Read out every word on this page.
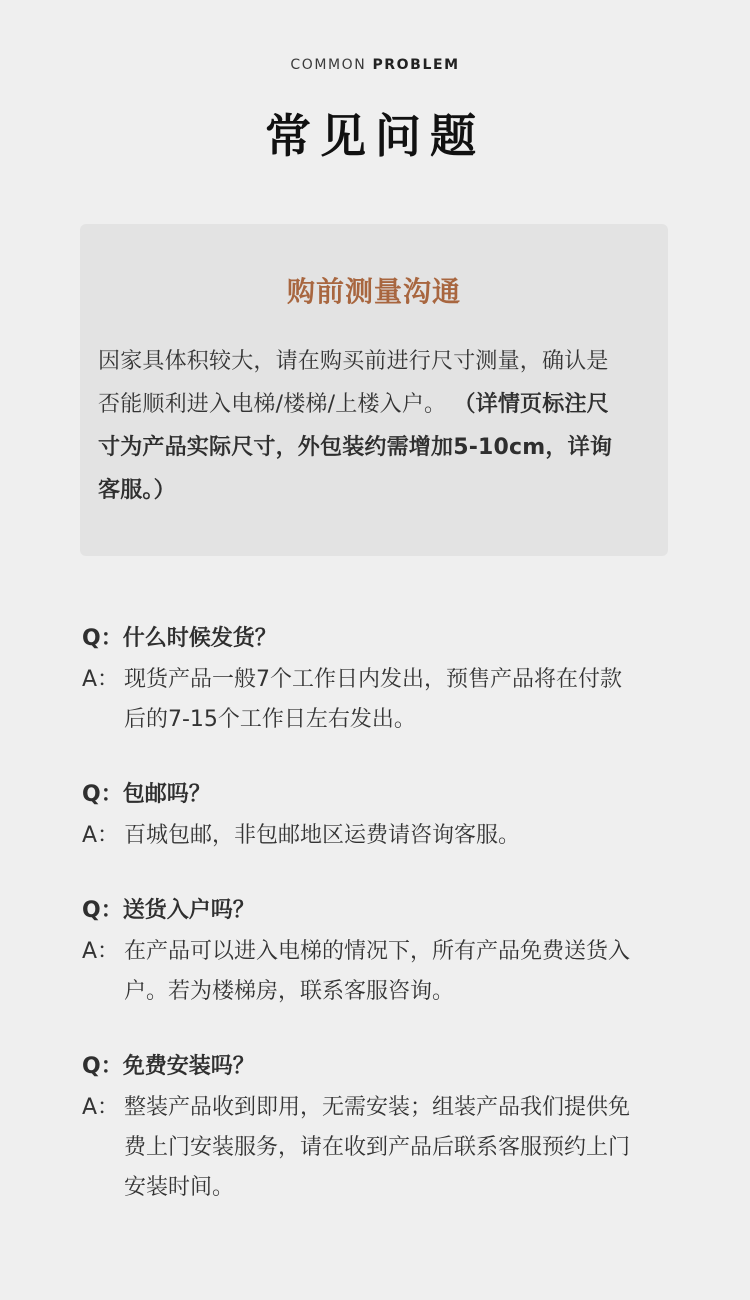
COMMON PROBLEM
常见问题
购前测量沟通
因家具体积较大，请在购买前进行尺寸测量，确认是
否能顺利进入电梯/楼梯/上楼入户。 （详情页标注尺
寸为产品实际尺寸，外包装约需增加5-10cm，详询
客服。）
Q：什么时候发货？
A： 现货产品一般7个工作日内发出，预售产品将在付款
后的7-15个工作日左右发出。
Q：包邮吗？
A： 百城包邮，非包邮地区运费请咨询客服。
Q：送货入户吗？
A： 在产品可以进入电梯的情况下，所有产品免费送货入
户。若为楼梯房，联系客服咨询。
Q：免费安装吗？
A： 整装产品收到即用，无需安装；组装产品我们提供免
费上门安装服务，请在收到产品后联系客服预约上门
安装时间。
